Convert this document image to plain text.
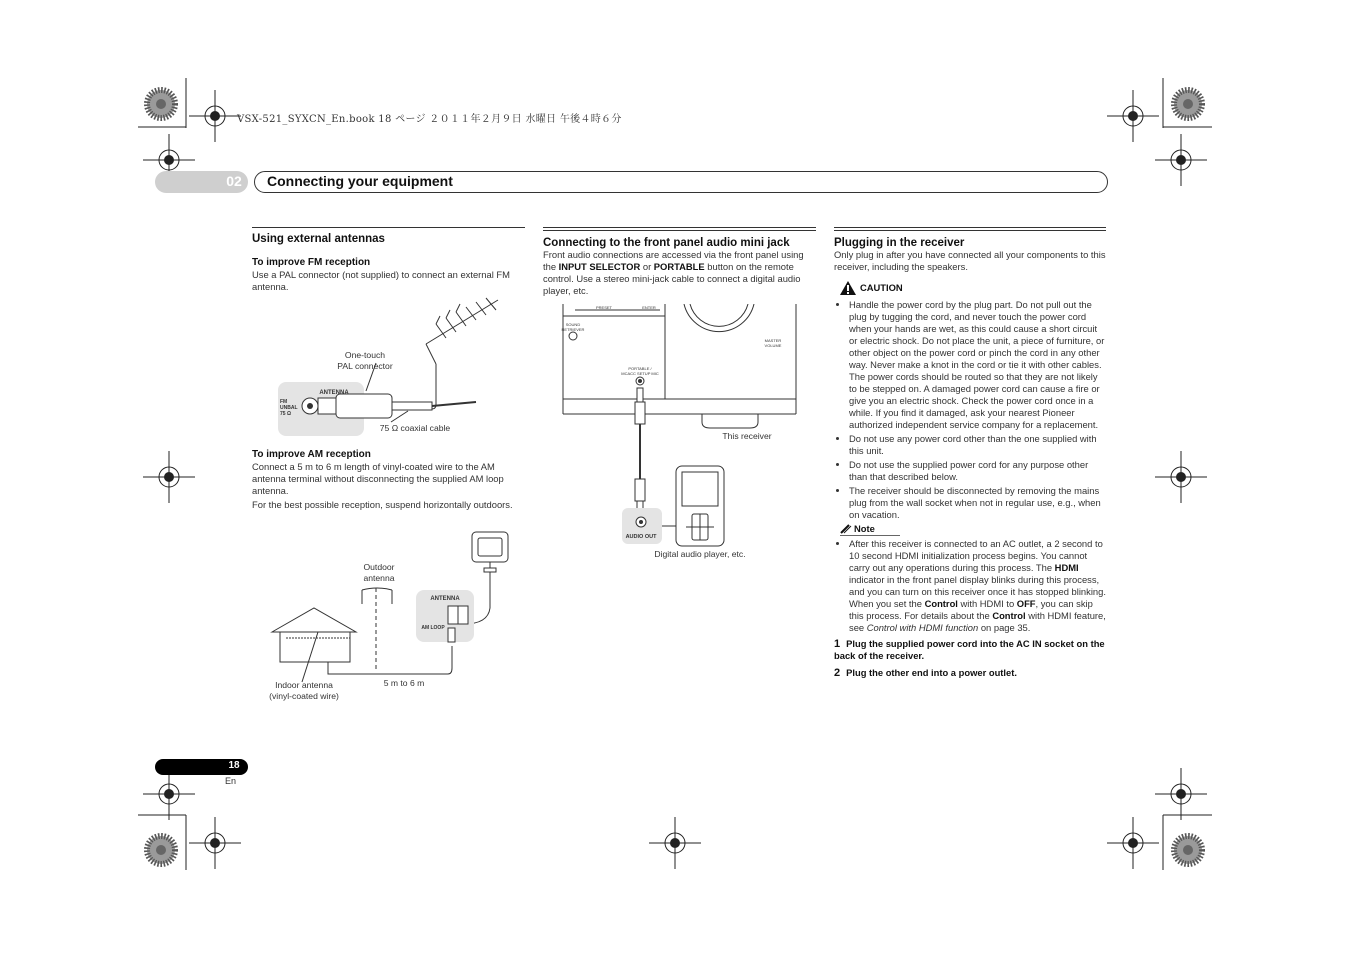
VSX-521_SYXCN_En.book 18 ページ ２０１１年２月９日 水曜日 午後４時６分
02	Connecting your equipment
Using external antennas
To improve FM reception

Use a PAL connector (not supplied) to connect an external FM antenna.

One-touch
PAL connector
ANTENNA
FM
UNBAL
75 Ω
75 Ω coaxial cable
To improve AM reception

Connect a 5 m to 6 m length of vinyl-coated wire to the AM antenna terminal without disconnecting the supplied AM loop antenna.

For the best possible reception, suspend horizontally outdoors.

Outdoor
antenna
ANTENNA
AM LOOP
Indoor antenna
(vinyl-coated wire)
5 m to 6 m
Connecting to the front panel audio mini jack

Front audio connections are accessed via the front panel using the INPUT SELECTOR or PORTABLE button on the remote control. Use a stereo mini-jack cable to connect a digital audio player, etc.

PRESET	ENTER
SOUND
RETRIEVER
PORTABLE /
MCACC SETUP MIC
MASTER
VOLUME
AUDIO OUT
This receiver
Digital audio player, etc.
Plugging in the receiver

Only plug in after you have connected all your components to this receiver, including the speakers.

CAUTION
• Handle the power cord by the plug part. Do not pull out the plug by tugging the cord, and never touch the power cord when your hands are wet, as this could cause a short circuit or electric shock. Do not place the unit, a piece of furniture, or other object on the power cord or pinch the cord in any other way. Never make a knot in the cord or tie it with other cables. The power cords should be routed so that they are not likely to be stepped on. A damaged power cord can cause a fire or give you an electric shock. Check the power cord once in a while. If you find it damaged, ask your nearest Pioneer authorized independent service company for a replacement.
• Do not use any power cord other than the one supplied with this unit.
• Do not use the supplied power cord for any purpose other than that described below.
• The receiver should be disconnected by removing the mains plug from the wall socket when not in regular use, e.g., when on vacation.
Note
• After this receiver is connected to an AC outlet, a 2 second to 10 second HDMI initialization process begins. You cannot carry out any operations during this process. The HDMI indicator in the front panel display blinks during this process, and you can turn on this receiver once it has stopped blinking. When you set the Control with HDMI to OFF, you can skip this process. For details about the Control with HDMI feature, see Control with HDMI function on page 35.
1 Plug the supplied power cord into the AC IN socket on the back of the receiver.
2 Plug the other end into a power outlet.
18
En
